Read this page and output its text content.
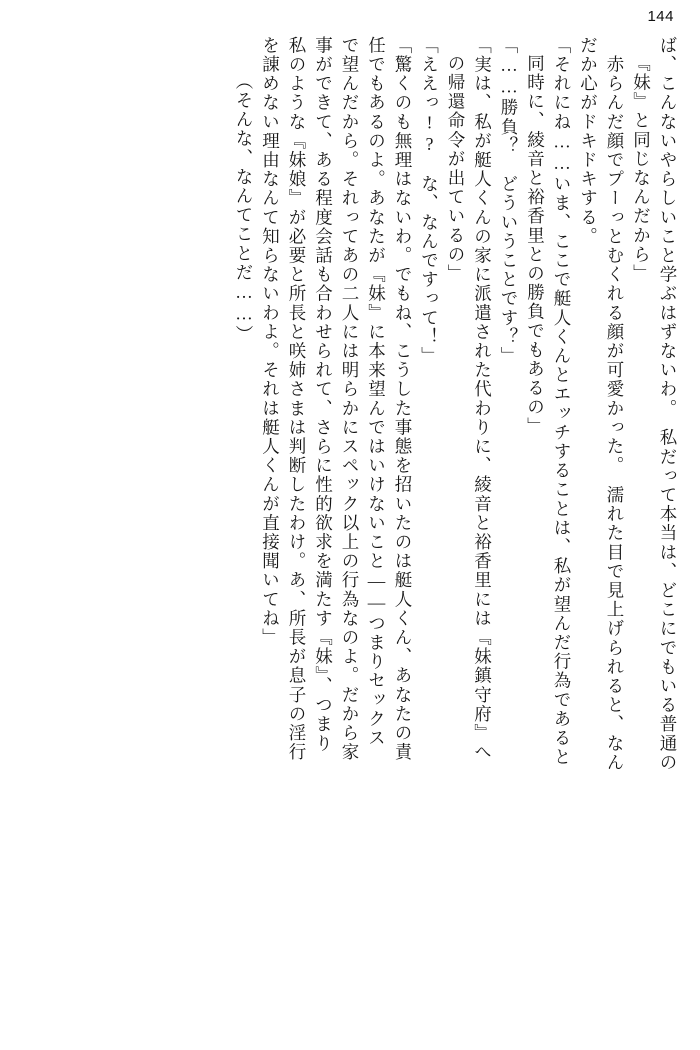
144
ば、こんないやらしいこと学ぶはずないわ。　私だって本当は、どこにでもいる普通の
『妹』と同じなんだから」
　赤らんだ顔でプーっとむくれる顔が可愛かった。　濡れた目で見上げられると、なん
だか心がドキドキする。
「それにね……いま、ここで艇人くんとエッチすることは、私が望んだ行為であると
同時に、綾音と裕香里との勝負でもあるの」
「……勝負？　どういうことです？」
「実は、私が艇人くんの家に派遣された代わりに、綾音と裕香里には『妹鎮守府』へ
の帰還命令が出ているの」
「ええっ!?　な、なんですって！」
「驚くのも無理はないわ。でもね、こうした事態を招いたのは艇人くん、あなたの責
任でもあるのよ。あなたが『妹』に本来望んではいけないこと——つまりセックス
で望んだから。それってあの二人には明らかにスペック以上の行為なのよ。だから家
事ができて、ある程度会話も合わせられて、さらに性的欲求を満たす『妹』、つまり
私のような『妹娘』が必要と所長と咲姉さまは判断したわけ。あ、所長が息子の淫行
を諌めない理由なんて知らないわよ。それは艇人くんが直接聞いてね」
（そんな、なんてことだ……）
